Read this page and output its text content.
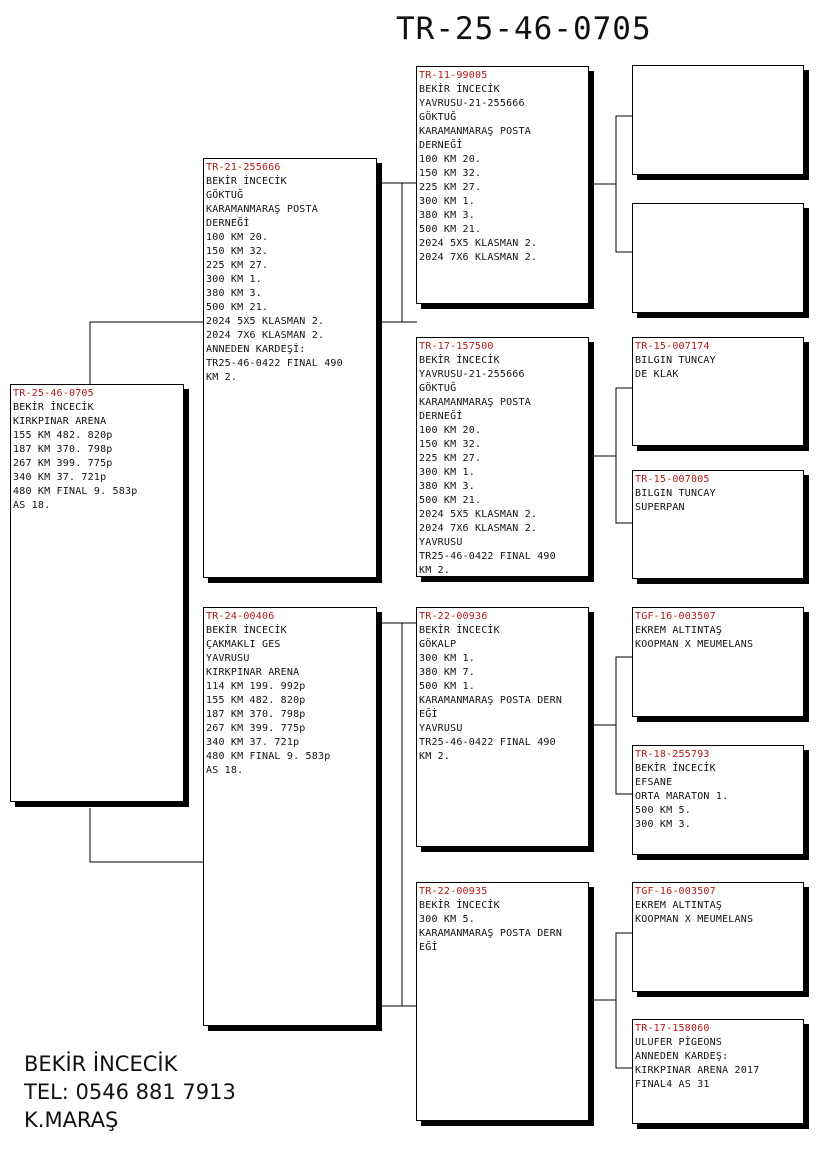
TR-25-46-0705
TR-25-46-0705
BEKİR İNCECİK
KIRKPINAR ARENA
155 KM 482. 820p
187 KM 370. 798p
267 KM 399. 775p
340 KM 37. 721p
480 KM FINAL 9. 583p
AS 18.
TR-21-255666
BEKİR İNCECİK
GÖKTUĞ
KARAMANMARAŞ POSTA
DERNEĞİ
100 KM 20.
150 KM 32.
225 KM 27.
300 KM 1.
380 KM 3.
500 KM 21.
2024 5X5 KLASMAN 2.
2024 7X6 KLASMAN 2.
ANNEDEN KARDEŞİ:
TR25-46-0422 FINAL 490
KM 2.
TR-24-00406
BEKİR İNCECİK
ÇAKMAKLI GES
YAVRUSU
KIRKPINAR ARENA
114 KM 199. 992p
155 KM 482. 820p
187 KM 370. 798p
267 KM 399. 775p
340 KM 37. 721p
480 KM FINAL 9. 583p
AS 18.
TR-11-99005
BEKİR İNCECİK
YAVRUSU-21-255666
GÖKTUĞ
KARAMANMARAŞ POSTA
DERNEĞİ
100 KM 20.
150 KM 32.
225 KM 27.
300 KM 1.
380 KM 3.
500 KM 21.
2024 5X5 KLASMAN 2.
2024 7X6 KLASMAN 2.
TR-17-157500
BEKİR İNCECİK
YAVRUSU-21-255666
GÖKTUĞ
KARAMANMARAŞ POSTA
DERNEĞİ
100 KM 20.
150 KM 32.
225 KM 27.
300 KM 1.
380 KM 3.
500 KM 21.
2024 5X5 KLASMAN 2.
2024 7X6 KLASMAN 2.
YAVRUSU
TR25-46-0422 FINAL 490
KM 2.
TR-22-00936
BEKİR İNCECİK
GÖKALP
300 KM 1.
380 KM 7.
500 KM 1.
KARAMANMARAŞ POSTA DERN
EĞİ
YAVRUSU
TR25-46-0422 FINAL 490
KM 2.
TR-22-00935
BEKİR İNCECİK
300 KM 5.
KARAMANMARAŞ POSTA DERN
EĞİ
TR-15-007174
BILGIN TUNCAY
DE KLAK
TR-15-007005
BILGIN TUNCAY
SUPERPAN
TGF-16-003507
EKREM ALTINTAŞ
KOOPMAN X MEUMELANS
TR-18-255793
BEKİR İNCECİK
EFSANE
ORTA MARATON 1.
500 KM 5.
300 KM 3.
TGF-16-003507
EKREM ALTINTAŞ
KOOPMAN X MEUMELANS
TR-17-158060
ULUFER PİGEONS
ANNEDEN KARDEŞ:
KIRKPINAR ARENA 2017
FINAL4 AS 31
BEKİR İNCECİK
TEL: 0546 881 7913
K.MARAŞ
